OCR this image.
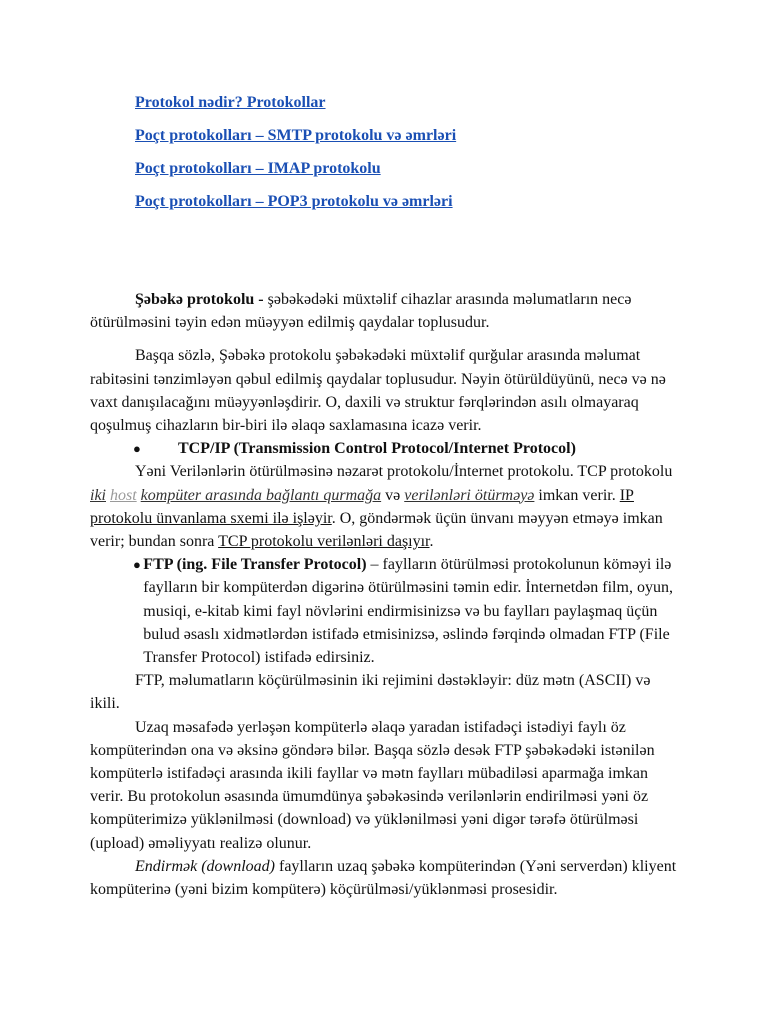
Protokol nədir? Protokollar
Poçt protokolları – SMTP protokolu və əmrləri
Poçt protokolları – IMAP protokolu
Poçt protokolları – POP3 protokolu və əmrləri

Şəbəkə protokolu - şəbəkədəki müxtəlif cihazlar arasında məlumatların necə ötürülməsini təyin edən müəyyən edilmiş qaydalar toplusudur.

Başqa sözlə, Şəbəkə protokolu şəbəkədəki müxtəlif qurğular arasında məlumat rabitəsini tənzimləyən qəbul edilmiş qaydalar toplusudur. Nəyin ötürüldüyünü, necə və nə vaxt danışılacağını müəyyənləşdirir. O, daxili və struktur fərqlərindən asılı olmayaraq qoşulmuş cihazların bir-biri ilə əlaqə saxlamasına icazə verir.

●	TCP/IP (Transmission Control Protocol/Internet Protocol)

Yəni Verilənlərin ötürülməsinə nəzarət protokolu/İnternet protokolu. TCP protokolu iki host kompüter arasında bağlantı qurmağa və verilənləri ötürməyə imkan verir. IP protokolu ünvanlama sxemi ilə işləyir. O, göndərmək üçün ünvanı məyyən etməyə imkan verir; bundan sonra TCP protokolu verilənləri daşıyır.

● FTP (ing. File Transfer Protocol) – faylların ötürülməsi protokolunun köməyi ilə faylların bir kompüterdən digərinə ötürülməsini təmin edir. İnternetdən film, oyun, musiqi, e-kitab kimi fayl növlərini endirmisinizsə və bu faylları paylaşmaq üçün bulud əsaslı xidmətlərdən istifadə etmisinizsə, əslində fərqində olmadan FTP (File Transfer Protocol) istifadə edirsiniz.

FTP, məlumatların köçürülməsinin iki rejimini dəstəkləyir: düz mətn (ASCII) və ikili.

Uzaq məsafədə yerləşən kompüterlə əlaqə yaradan istifadəçi istədiyi faylı öz kompüterindən ona və əksinə göndərə bilər. Başqa sözlə desək FTP şəbəkədəki istənilən kompüterlə istifadəçi arasında ikili fayllar və mətn faylları mübadiləsi aparmağa imkan verir. Bu protokolun əsasında ümumdünya şəbəkəsində verilənlərin endirilməsi yəni öz kompüterimizə yüklənilməsi (download) və yüklənilməsi yəni digər tərəfə ötürülməsi (upload) əməliyyatı realizə olunur.

Endirmək (download) faylların uzaq şəbəkə kompüterindən (Yəni serverdən) kliyent kompüterinə (yəni bizim kompüterə) köçürülməsi/yüklənməsi prosesidir.
